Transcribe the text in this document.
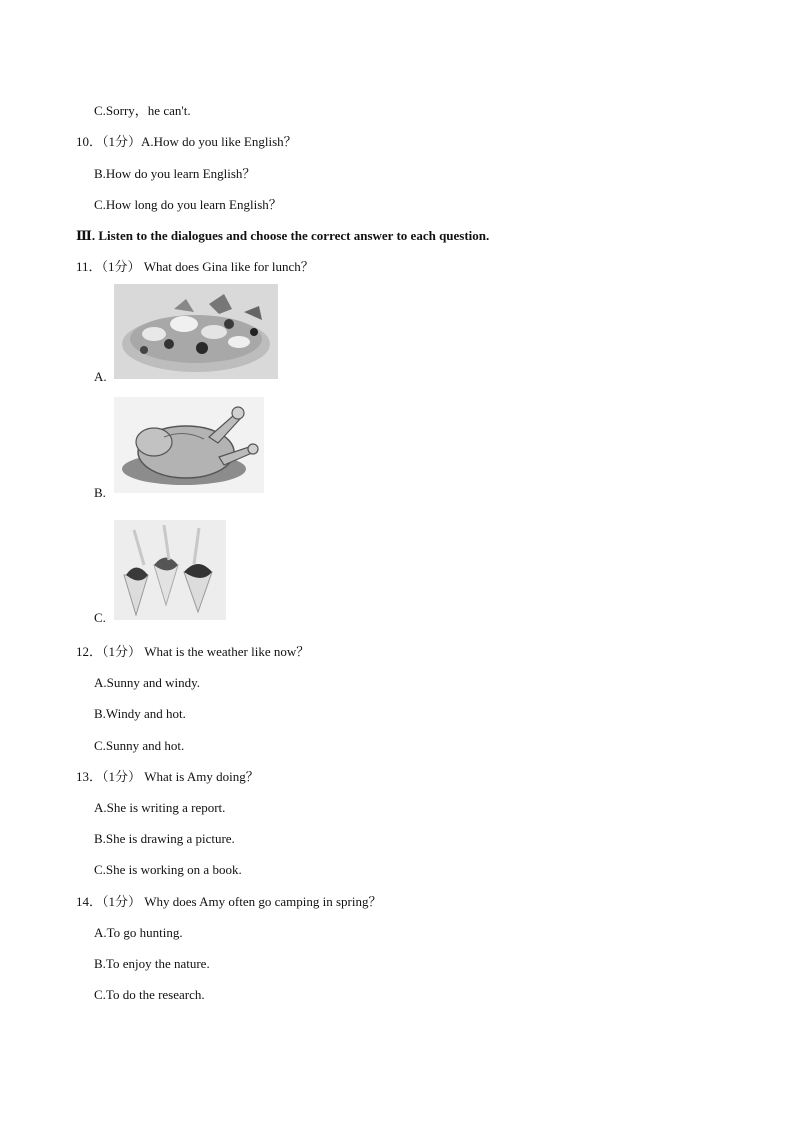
C.Sorry，he can't.
10．（1分）A.How do you like English？
B.How do you learn English？
C.How long do you learn English？
Ⅲ. Listen to the dialogues and choose the correct answer to each question.
11．（1分） What does Gina like for lunch？
A.
B.
C.
12．（1分） What is the weather like now？
A.Sunny and windy.
B.Windy and hot.
C.Sunny and hot.
13．（1分） What is Amy doing？
A.She is writing a report.
B.She is drawing a picture.
C.She is working on a book.
14．（1分） Why does Amy often go camping in spring？
A.To go hunting.
B.To enjoy the nature.
C.To do the research.
